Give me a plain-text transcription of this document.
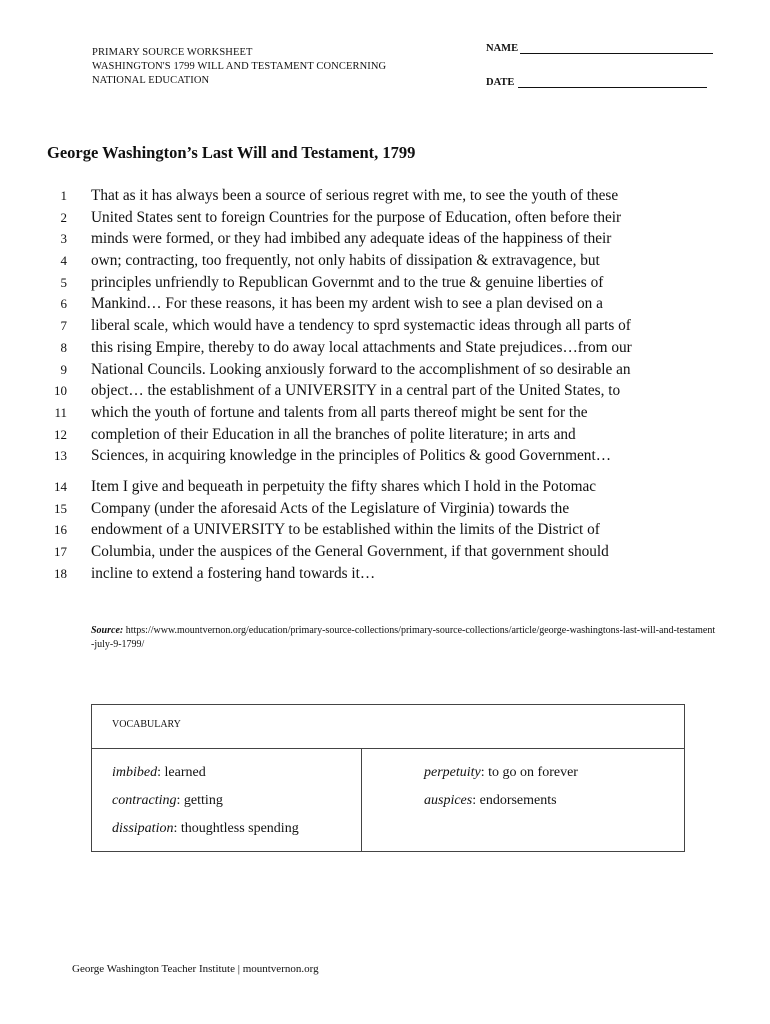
PRIMARY SOURCE WORKSHEET
WASHINGTON'S 1799 WILL AND TESTAMENT CONCERNING
NATIONAL EDUCATION
NAME
DATE
George Washington’s Last Will and Testament, 1799
1 That as it has always been a source of serious regret with me, to see the youth of these
2 United States sent to foreign Countries for the purpose of Education, often before their
3 minds were formed, or they had imbibed any adequate ideas of the happiness of their
4 own; contracting, too frequently, not only habits of dissipation & extravagence, but
5 principles unfriendly to Republican Governmt and to the true & genuine liberties of
6 Mankind… For these reasons, it has been my ardent wish to see a plan devised on a
7 liberal scale, which would have a tendency to sprd systemactic ideas through all parts of
8 this rising Empire, thereby to do away local attachments and State prejudices…from our
9 National Councils. Looking anxiously forward to the accomplishment of so desirable an
10 object… the establishment of a UNIVERSITY in a central part of the United States, to
11 which the youth of fortune and talents from all parts thereof might be sent for the
12 completion of their Education in all the branches of polite literature; in arts and
13 Sciences, in acquiring knowledge in the principles of Politics & good Government…
14 Item I give and bequeath in perpetuity the fifty shares which I hold in the Potomac
15 Company (under the aforesaid Acts of the Legislature of Virginia) towards the
16 endowment of a UNIVERSITY to be established within the limits of the District of
17 Columbia, under the auspices of the General Government, if that government should
18 incline to extend a fostering hand towards it…
Source: https://www.mountvernon.org/education/primary-source-collections/primary-source-collections/article/george-washingtons-last-will-and-testament-july-9-1799/
VOCABULARY
imbibed: learned
contracting: getting
dissipation: thoughtless spending
perpetuity: to go on forever
auspices: endorsements
George Washington Teacher Institute | mountvernon.org
